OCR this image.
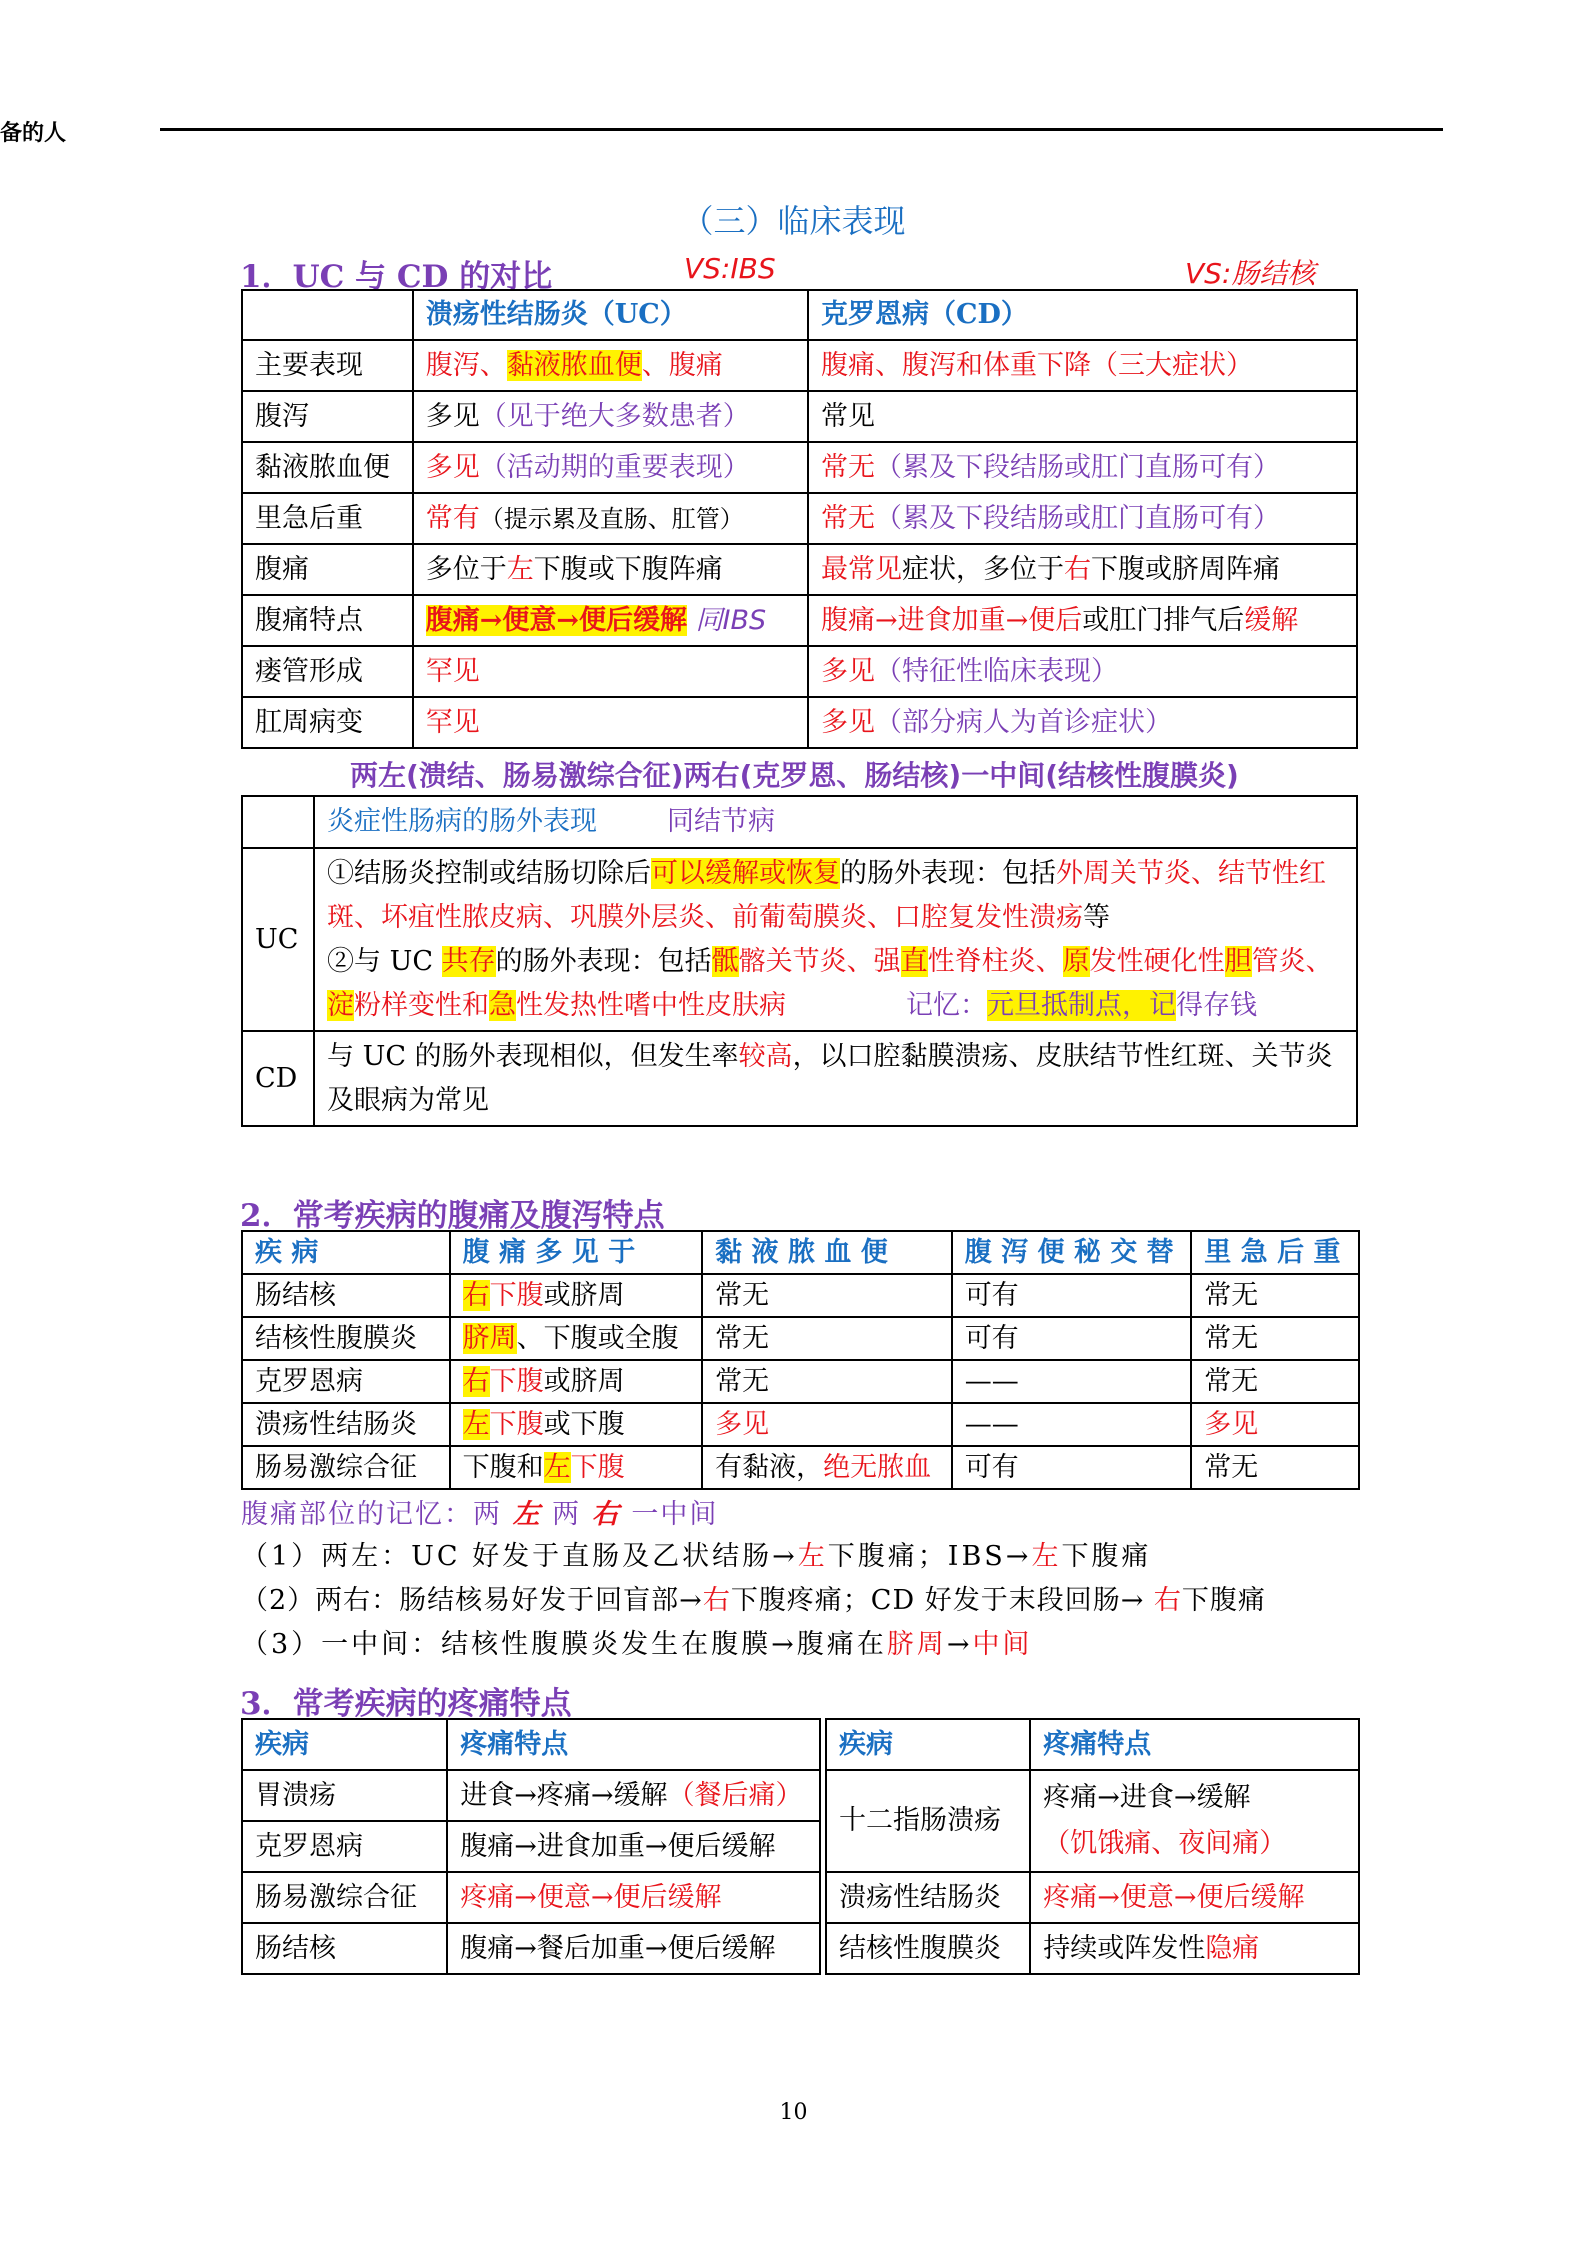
备的人
（三）临床表现
1．UC 与 CD 的对比	VS:IBS	VS:肠结核
	溃疡性结肠炎（UC）	克罗恩病（CD）
主要表现	腹泻、黏液脓血便、腹痛	腹痛、腹泻和体重下降（三大症状）
腹泻	多见（见于绝大多数患者）	常见
黏液脓血便	多见（活动期的重要表现）	常无（累及下段结肠或肛门直肠可有）
里急后重	常有（提示累及直肠、肛管）	常无（累及下段结肠或肛门直肠可有）
腹痛	多位于左下腹或下腹阵痛	最常见症状，多位于右下腹或脐周阵痛
腹痛特点	腹痛→便意→便后缓解 同IBS	腹痛→进食加重→便后或肛门排气后缓解
瘘管形成	罕见	多见（特征性临床表现）
肛周病变	罕见	多见（部分病人为首诊症状）
两左(溃结、肠易激综合征)两右(克罗恩、肠结核)一中间(结核性腹膜炎)
	炎症性肠病的肠外表现 同结节病
UC	①结肠炎控制或结肠切除后可以缓解或恢复的肠外表现：包括外周关节炎、结节性红斑、坏疽性脓皮病、巩膜外层炎、前葡萄膜炎、口腔复发性溃疡等
②与 UC 共存的肠外表现：包括骶髂关节炎、强直性脊柱炎、原发性硬化性胆管炎、淀粉样变性和急性发热性嗜中性皮肤病 记忆：元旦抵制点，记得存钱
CD	与 UC 的肠外表现相似，但发生率较高，以口腔黏膜溃疡、皮肤结节性红斑、关节炎及眼病为常见
2．常考疾病的腹痛及腹泻特点
疾 病	腹 痛 多 见 于	黏 液 脓 血 便	腹 泻 便 秘 交 替	里 急 后 重
肠结核	右下腹或脐周	常无	可有	常无
结核性腹膜炎	脐周、下腹或全腹	常无	可有	常无
克罗恩病	右下腹或脐周	常无	——	常无
溃疡性结肠炎	左下腹或下腹	多见	——	多见
肠易激综合征	下腹和左下腹	有黏液，绝无脓血	可有	常无
腹痛部位的记忆：两 左 两 右 一中间
（1）两左：UC 好发于直肠及乙状结肠→左下腹痛；IBS→左下腹痛
（2）两右：肠结核易好发于回盲部→右下腹疼痛；CD 好发于末段回肠→ 右下腹痛
（3）一中间：结核性腹膜炎发生在腹膜→腹痛在脐周→中间
3．常考疾病的疼痛特点
疾病	疼痛特点
胃溃疡	进食→疼痛→缓解（餐后痛）
克罗恩病	腹痛→进食加重→便后缓解
肠易激综合征	疼痛→便意→便后缓解
肠结核	腹痛→餐后加重→便后缓解
疾病	疼痛特点
十二指肠溃疡	疼痛→进食→缓解
（饥饿痛、夜间痛）

溃疡性结肠炎	疼痛→便意→便后缓解
结核性腹膜炎	持续或阵发性隐痛
10
